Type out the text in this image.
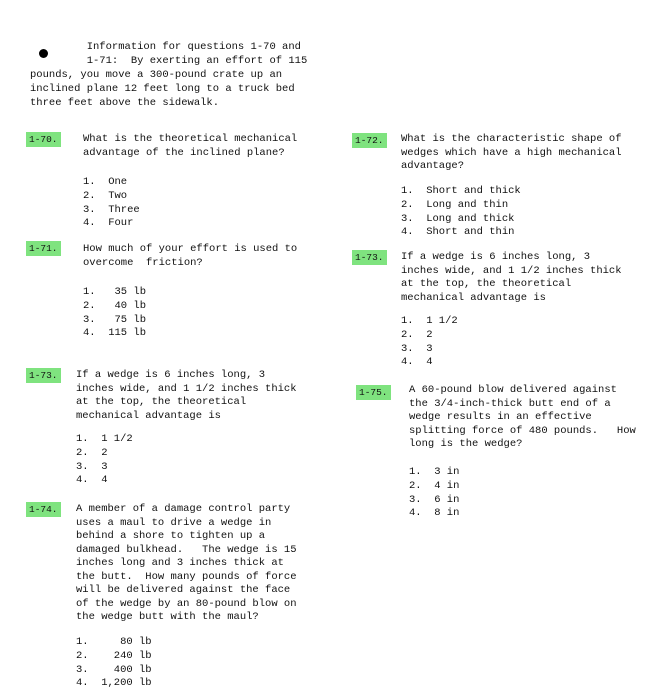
Information for questions 1-70 and
1-71:  By exerting an effort of 115
pounds, you move a 300-pound crate up an
inclined plane 12 feet long to a truck bed
three feet above the sidewalk.
1-70. What is the theoretical mechanical
advantage of the inclined plane?
1.  One
2.  Two
3.  Three
4.  Four
1-71. How much of your effort is used to
overcome  friction?
1.   35 lb
2.   40 lb
3.   75 lb
4.  115 lb
1-73. If a wedge is 6 inches long, 3
inches wide, and 1 1/2 inches thick
at the top, the theoretical
mechanical advantage is
1.  1 1/2
2.  2
3.  3
4.  4
1-74. A member of a damage control party
uses a maul to drive a wedge in
behind a shore to tighten up a
damaged bulkhead.   The wedge is 15
inches long and 3 inches thick at
the butt.  How many pounds of force
will be delivered against the face
of the wedge by an 80-pound blow on
the wedge butt with the maul?
1.     80 lb
2.    240 lb
3.    400 lb
4.  1,200 lb
1-72. What is the characteristic shape of
wedges which have a high mechanical
advantage?
1.  Short and thick
2.  Long and thin
3.  Long and thick
4.  Short and thin
1-73. If a wedge is 6 inches long, 3
inches wide, and 1 1/2 inches thick
at the top, the theoretical
mechanical advantage is
1.  1 1/2
2.  2
3.  3
4.  4
1-75. A 60-pound blow delivered against
the 3/4-inch-thick butt end of a
wedge results in an effective
splitting force of 480 pounds.   How
long is the wedge?
1.  3 in
2.  4 in
3.  6 in
4.  8 in
